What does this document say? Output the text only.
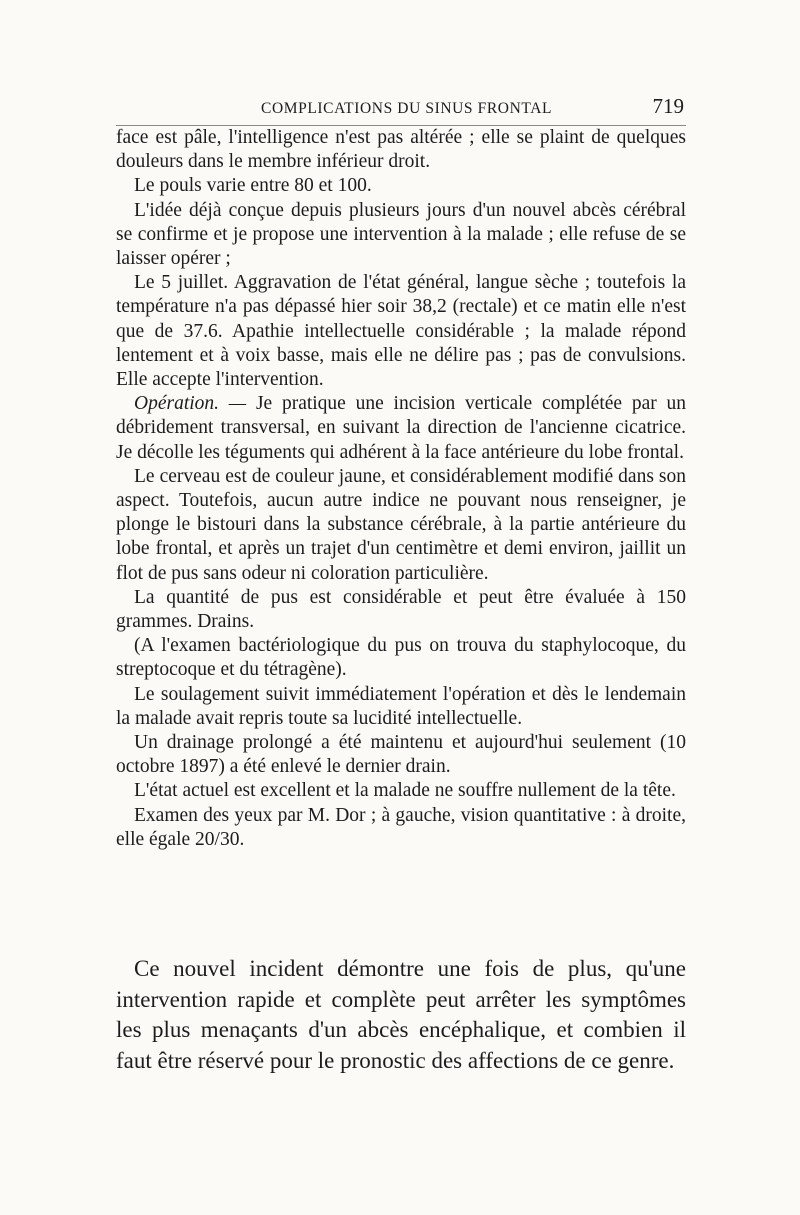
COMPLICATIONS DU SINUS FRONTAL	719

face est pâle, l'intelligence n'est pas altérée ; elle se plaint de quelques douleurs dans le membre inférieur droit.

Le pouls varie entre 80 et 100.

L'idée déjà conçue depuis plusieurs jours d'un nouvel abcès cérébral se confirme et je propose une intervention à la malade ; elle refuse de se laisser opérer ;

Le 5 juillet. Aggravation de l'état général, langue sèche ; toutefois la température n'a pas dépassé hier soir 38,2 (rectale) et ce matin elle n'est que de 37.6. Apathie intellectuelle considérable ; la malade répond lentement et à voix basse, mais elle ne délire pas ; pas de convulsions. Elle accepte l'intervention.

Opération. — Je pratique une incision verticale complétée par un débridement transversal, en suivant la direction de l'ancienne cicatrice. Je décolle les téguments qui adhérent à la face antérieure du lobe frontal.

Le cerveau est de couleur jaune, et considérablement modifié dans son aspect. Toutefois, aucun autre indice ne pouvant nous renseigner, je plonge le bistouri dans la substance cérébrale, à la partie antérieure du lobe frontal, et après un trajet d'un centimètre et demi environ, jaillit un flot de pus sans odeur ni coloration particulière.

La quantité de pus est considérable et peut être évaluée à 150 grammes. Drains.

(A l'examen bactériologique du pus on trouva du staphylocoque, du streptocoque et du tétragène).

Le soulagement suivit immédiatement l'opération et dès le lendemain la malade avait repris toute sa lucidité intellectuelle.

Un drainage prolongé a été maintenu et aujourd'hui seulement (10 octobre 1897) a été enlevé le dernier drain.

L'état actuel est excellent et la malade ne souffre nullement de la tête.

Examen des yeux par M. Dor ; à gauche, vision quantitative : à droite, elle égale 20/30.

Ce nouvel incident démontre une fois de plus, qu'une intervention rapide et complète peut arrêter les symptômes les plus menaçants d'un abcès encéphalique, et combien il faut être réservé pour le pronostic des affections de ce genre.
